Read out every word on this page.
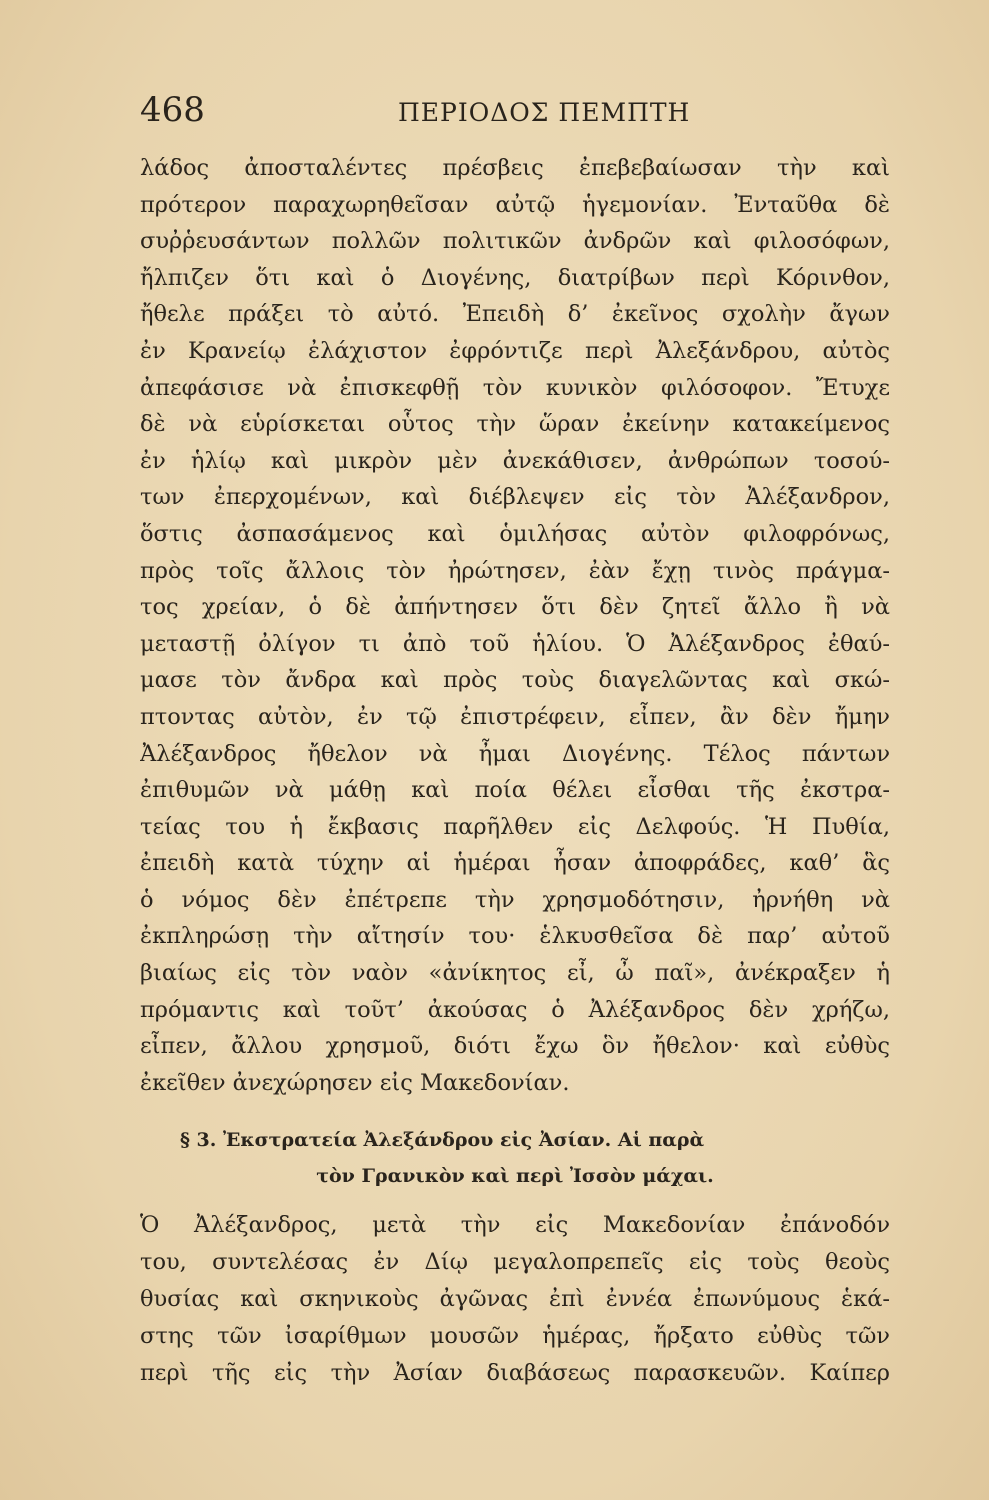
468	ΠΕΡΙΟΔΟΣ ΠΕΜΠΤΗ
λάδος ἀποσταλέντες πρέσβεις ἐπεβεβαίωσαν τὴν καὶ
πρότερον παραχωρηθεῖσαν αὐτῷ ἡγεμονίαν. Ἐνταῦθα δὲ
συῤῥευσάντων πολλῶν πολιτικῶν ἀνδρῶν καὶ φιλοσόφων,
ἤλπιζεν ὅτι καὶ ὁ Διογένης, διατρίβων περὶ Κόρινθον,
ἤθελε πράξει τὸ αὐτό. Ἐπειδὴ δ’ ἐκεῖνος σχολὴν ἄγων
ἐν Κρανείῳ ἐλάχιστον ἐφρόντιζε περὶ Ἀλεξάνδρου, αὐτὸς
ἀπεφάσισε νὰ ἐπισκεφθῇ τὸν κυνικὸν φιλόσοφον. Ἔτυχε
δὲ νὰ εὑρίσκεται οὗτος τὴν ὥραν ἐκείνην κατακείμενος
ἐν ἡλίῳ καὶ μικρὸν μὲν ἀνεκάθισεν, ἀνθρώπων τοσού-
των ἐπερχομένων, καὶ διέβλεψεν εἰς τὸν Ἀλέξανδρον,
ὅστις ἀσπασάμενος καὶ ὁμιλήσας αὐτὸν φιλοφρόνως,
πρὸς τοῖς ἄλλοις τὸν ἠρώτησεν, ἐὰν ἔχῃ τινὸς πράγμα-
τος χρείαν, ὁ δὲ ἀπήντησεν ὅτι δὲν ζητεῖ ἄλλο ἢ νὰ
μεταστῇ ὀλίγον τι ἀπὸ τοῦ ἡλίου. Ὁ Ἀλέξανδρος ἐθαύ-
μασε τὸν ἄνδρα καὶ πρὸς τοὺς διαγελῶντας καὶ σκώ-
πτοντας αὐτὸν, ἐν τῷ ἐπιστρέφειν, εἶπεν, ἂν δὲν ἤμην
Ἀλέξανδρος ἤθελον νὰ ἦμαι Διογένης. Τέλος πάντων
ἐπιθυμῶν νὰ μάθῃ καὶ ποία θέλει εἶσθαι τῆς ἐκστρα-
τείας του ἡ ἔκβασις παρῆλθεν εἰς Δελφούς. Ἡ Πυθία,
ἐπειδὴ κατὰ τύχην αἱ ἡμέραι ἦσαν ἀποφράδες, καθ’ ἃς
ὁ νόμος δὲν ἐπέτρεπε τὴν χρησμοδότησιν, ἠρνήθη νὰ
ἐκπληρώσῃ τὴν αἴτησίν του· ἑλκυσθεῖσα δὲ παρ’ αὐτοῦ
βιαίως εἰς τὸν ναὸν «ἀνίκητος εἶ, ὦ παῖ», ἀνέκραξεν ἡ
πρόμαντις καὶ τοῦτ’ ἀκούσας ὁ Ἀλέξανδρος δὲν χρήζω,
εἶπεν, ἄλλου χρησμοῦ, διότι ἔχω ὃν ἤθελον· καὶ εὐθὺς
ἐκεῖθεν ἀνεχώρησεν εἰς Μακεδονίαν.
§ 3. Ἐκστρατεία Ἀλεξάνδρου εἰς Ἀσίαν. Αἱ παρὰ
τὸν Γρανικὸν καὶ περὶ Ἰσσὸν μάχαι.
Ὁ Ἀλέξανδρος, μετὰ τὴν εἰς Μακεδονίαν ἐπάνοδόν
του, συντελέσας ἐν Δίῳ μεγαλοπρεπεῖς εἰς τοὺς θεοὺς
θυσίας καὶ σκηνικοὺς ἀγῶνας ἐπὶ ἐννέα ἐπωνύμους ἑκά-
στης τῶν ἰσαρίθμων μουσῶν ἡμέρας, ἤρξατο εὐθὺς τῶν
περὶ τῆς εἰς τὴν Ἀσίαν διαβάσεως παρασκευῶν. Καίπερ
